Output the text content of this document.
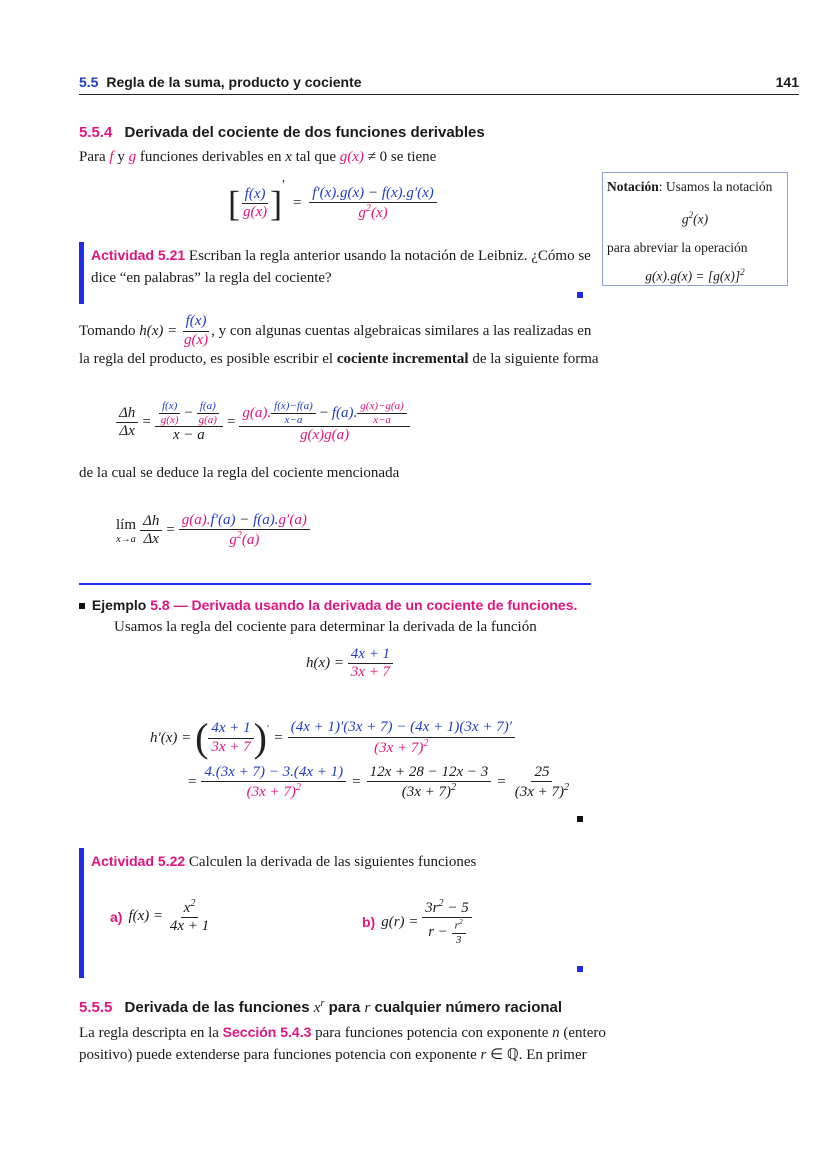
5.5 Regla de la suma, producto y cociente	141
5.5.4 Derivada del cociente de dos funciones derivables
Para f y g funciones derivables en x tal que g(x) ≠ 0 se tiene
[ $\frac{f(x)}{g(x)} ]' = \frac{f'(x).g(x) - f(x).g'(x)}{g^2(x)}$	Notación: Usamos la notación
$g^2(x)$
para abreviar la operación
$g(x).g(x) = [g(x)]^2$
Actividad 5.21 Escriban la regla anterior usando la notación de Leibniz. ¿Cómo se dice “en palabras” la regla del cociente?
Tomando
h(x) =
$\frac{f(x)}{g(x)}$ , y con algunas cuentas algebraicas similares a las realizadas en
la regla del producto, es posible escribir el cociente incremental de la siguiente forma
$\frac{\Delta h}{\Delta x} = \frac{\frac{f(x)}{g(x)} - \frac{f(a)}{g(a)}}{x - a}$ =
g(a). $\frac{f(x)-f(a)}{x-a} - f(a)$. $\frac{g(x)-g(a)}{x-a}$
g(x)g(a)
de la cual se deduce la regla del cociente mencionada
lím
$x\to a \frac{\Delta h}{\Delta x} = \frac{g(a).f'(a) - f(a).g'(a)}{g^2(a)}$
Ejemplo 5.8 — Derivada usando la derivada de un cociente de funciones.
Usamos la regla del cociente para determinar la derivada de la función
h(x) =
$\frac{4x + 1}{3x + 7}$
h′(x) =
( $\frac{4x + 1}{3x + 7} )' = \frac{(4x + 1)'(3x + 7) - (4x + 1)(3x + 7)'}{(3x + 7)^2}$
= $\frac{4.(3x + 7) - 3.(4x + 1)}{(3x + 7)^2} = \frac{12x + 28 - 12x - 3}{(3x + 7)^2} = \frac{25}{(3x + 7)^2}$
Actividad 5.22 Calculen la derivada de las siguientes funciones
a) f(x) =
$\frac{x^2}{4x + 1}$	b) g(r) =
$3r^2 - 5$
r −
$\frac{r^2}{3}$
5.5.5 Derivada de las funciones $x^r$ para r cualquier número racional
La regla descripta en la Sección 5.4.3 para funciones potencia con exponente n (entero
positivo) puede extenderse para funciones potencia con exponente r ∈ ℚ. En primer
